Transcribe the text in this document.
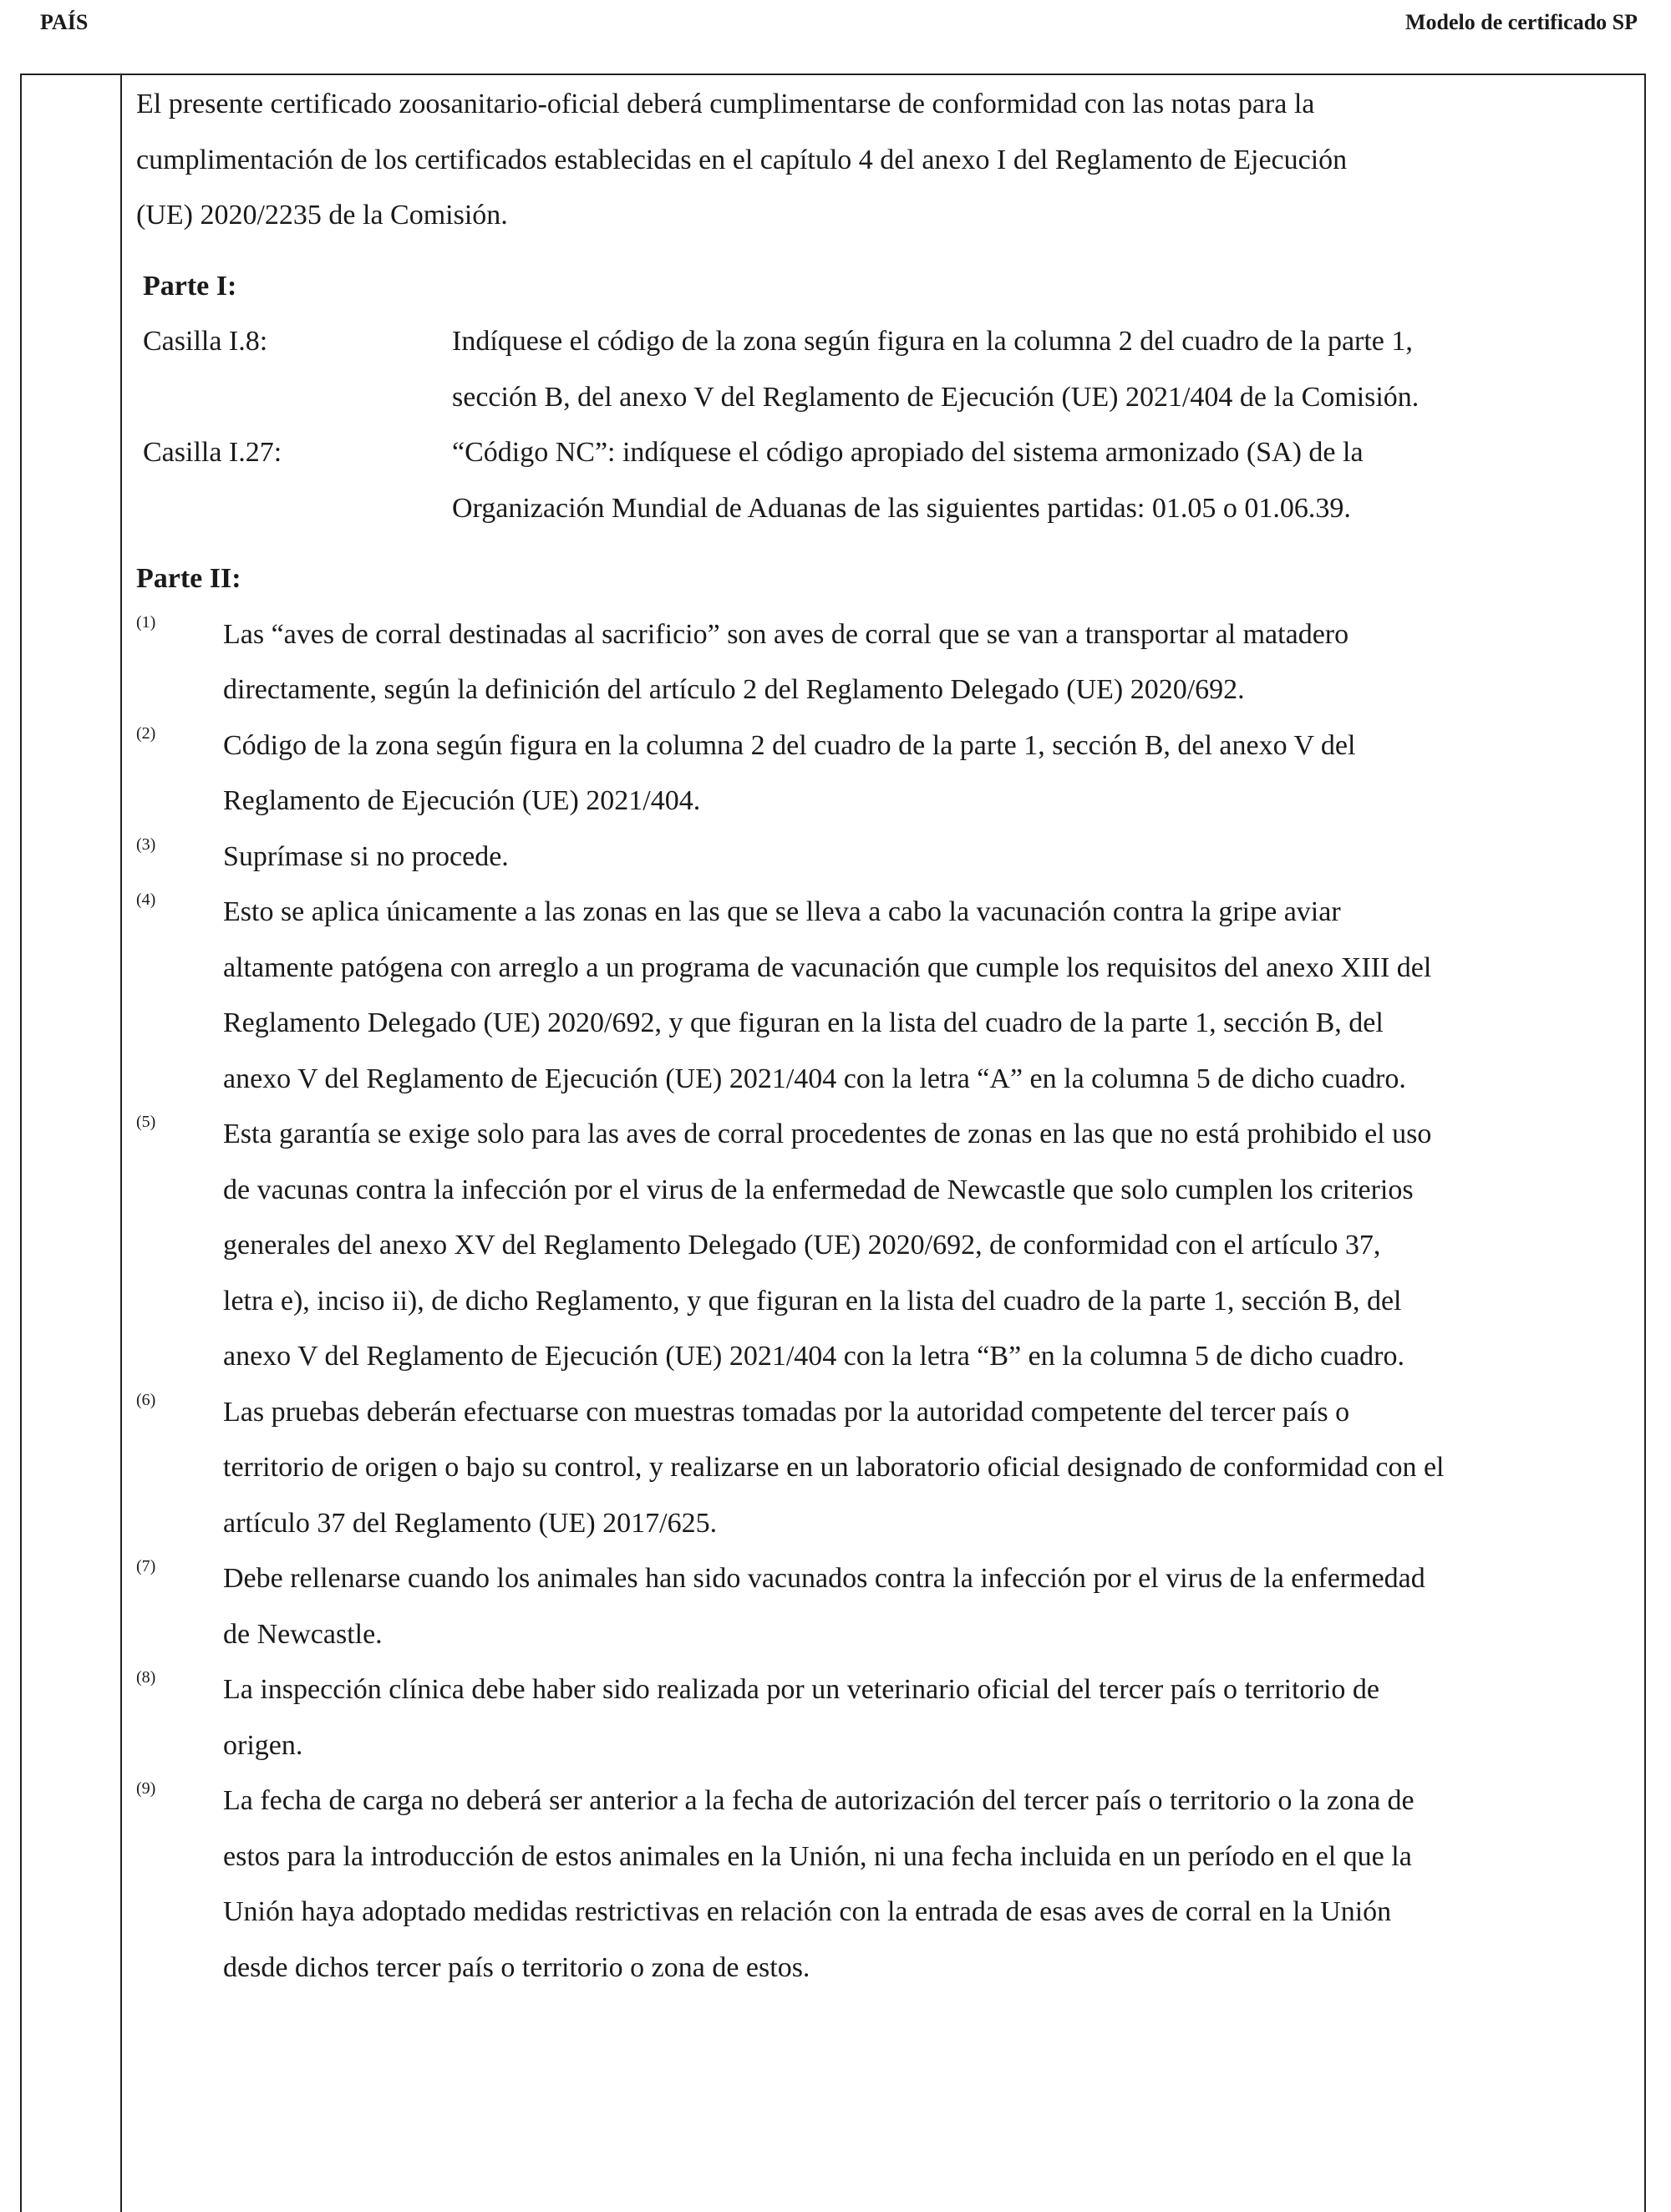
PAÍS	Modelo de certificado SP

El presente certificado zoosanitario-oficial deberá cumplimentarse de conformidad con las notas para la

cumplimentación de los certificados establecidas en el capítulo 4 del anexo I del Reglamento de Ejecución

(UE) 2020/2235 de la Comisión.

Parte I:
Casilla I.8:	Indíquese el código de la zona según figura en la columna 2 del cuadro de la parte 1,
sección B, del anexo V del Reglamento de Ejecución (UE) 2021/404 de la Comisión.
Casilla I.27:	“Código NC”: indíquese el código apropiado del sistema armonizado (SA) de la
Organización Mundial de Aduanas de las siguientes partidas: 01.05 o 01.06.39.
Parte II:
(1)	Las “aves de corral destinadas al sacrificio” son aves de corral que se van a transportar al matadero
directamente, según la definición del artículo 2 del Reglamento Delegado (UE) 2020/692.
(2)	Código de la zona según figura en la columna 2 del cuadro de la parte 1, sección B, del anexo V del
Reglamento de Ejecución (UE) 2021/404.
(3)	Suprímase si no procede.
(4)	Esto se aplica únicamente a las zonas en las que se lleva a cabo la vacunación contra la gripe aviar
altamente patógena con arreglo a un programa de vacunación que cumple los requisitos del anexo XIII del
Reglamento Delegado (UE) 2020/692, y que figuran en la lista del cuadro de la parte 1, sección B, del
anexo V del Reglamento de Ejecución (UE) 2021/404 con la letra “A” en la columna 5 de dicho cuadro.
(5)	Esta garantía se exige solo para las aves de corral procedentes de zonas en las que no está prohibido el uso
de vacunas contra la infección por el virus de la enfermedad de Newcastle que solo cumplen los criterios
generales del anexo XV del Reglamento Delegado (UE) 2020/692, de conformidad con el artículo 37,
letra e), inciso ii), de dicho Reglamento, y que figuran en la lista del cuadro de la parte 1, sección B, del
anexo V del Reglamento de Ejecución (UE) 2021/404 con la letra “B” en la columna 5 de dicho cuadro.
(6)	Las pruebas deberán efectuarse con muestras tomadas por la autoridad competente del tercer país o
territorio de origen o bajo su control, y realizarse en un laboratorio oficial designado de conformidad con el
artículo 37 del Reglamento (UE) 2017/625.
(7)	Debe rellenarse cuando los animales han sido vacunados contra la infección por el virus de la enfermedad
de Newcastle.
(8)	La inspección clínica debe haber sido realizada por un veterinario oficial del tercer país o territorio de
origen.
(9)	La fecha de carga no deberá ser anterior a la fecha de autorización del tercer país o territorio o la zona de
estos para la introducción de estos animales en la Unión, ni una fecha incluida en un período en el que la
Unión haya adoptado medidas restrictivas en relación con la entrada de esas aves de corral en la Unión
desde dichos tercer país o territorio o zona de estos.
